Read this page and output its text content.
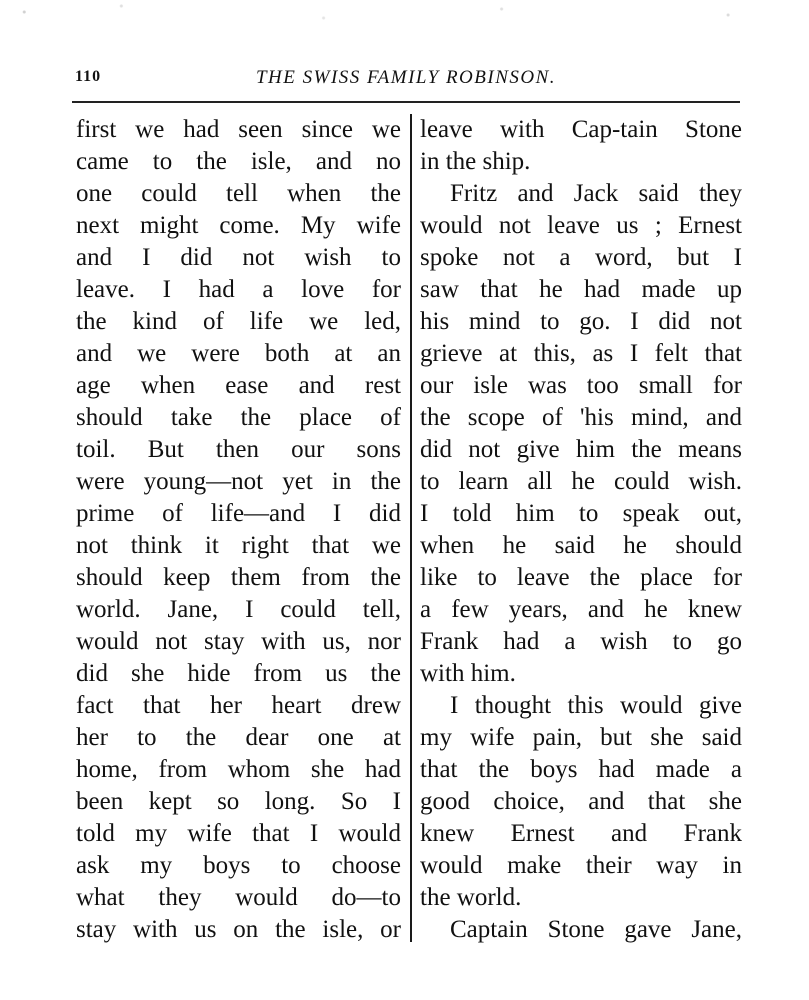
110	THE SWISS FAMILY ROBINSON.
first we had seen since we
came to the isle, and no
one could tell when the
next might come. My wife
and I did not wish to
leave. I had a love for
the kind of life we led,
and we were both at an
age when ease and rest
should take the place of
toil. But then our sons
were young—not yet in the
prime of life—and I did
not think it right that we
should keep them from the
world. Jane, I could tell,
would not stay with us, nor
did she hide from us the
fact that her heart drew
her to the dear one at
home, from whom she had
been kept so long. So I
told my wife that I would
ask my boys to choose
what they would do—to
stay with us on the isle, or
leave with Cap-tain Stone
in the ship.
Fritz and Jack said they
would not leave us ; Ernest
spoke not a word, but I
saw that he had made up
his mind to go. I did not
grieve at this, as I felt that
our isle was too small for
the scope of 'his mind, and
did not give him the means
to learn all he could wish.
I told him to speak out,
when he said he should
like to leave the place for
a few years, and he knew
Frank had a wish to go
with him.
I thought this would give
my wife pain, but she said
that the boys had made a
good choice, and that she
knew Ernest and Frank
would make their way in
the world.
Captain Stone gave Jane,
